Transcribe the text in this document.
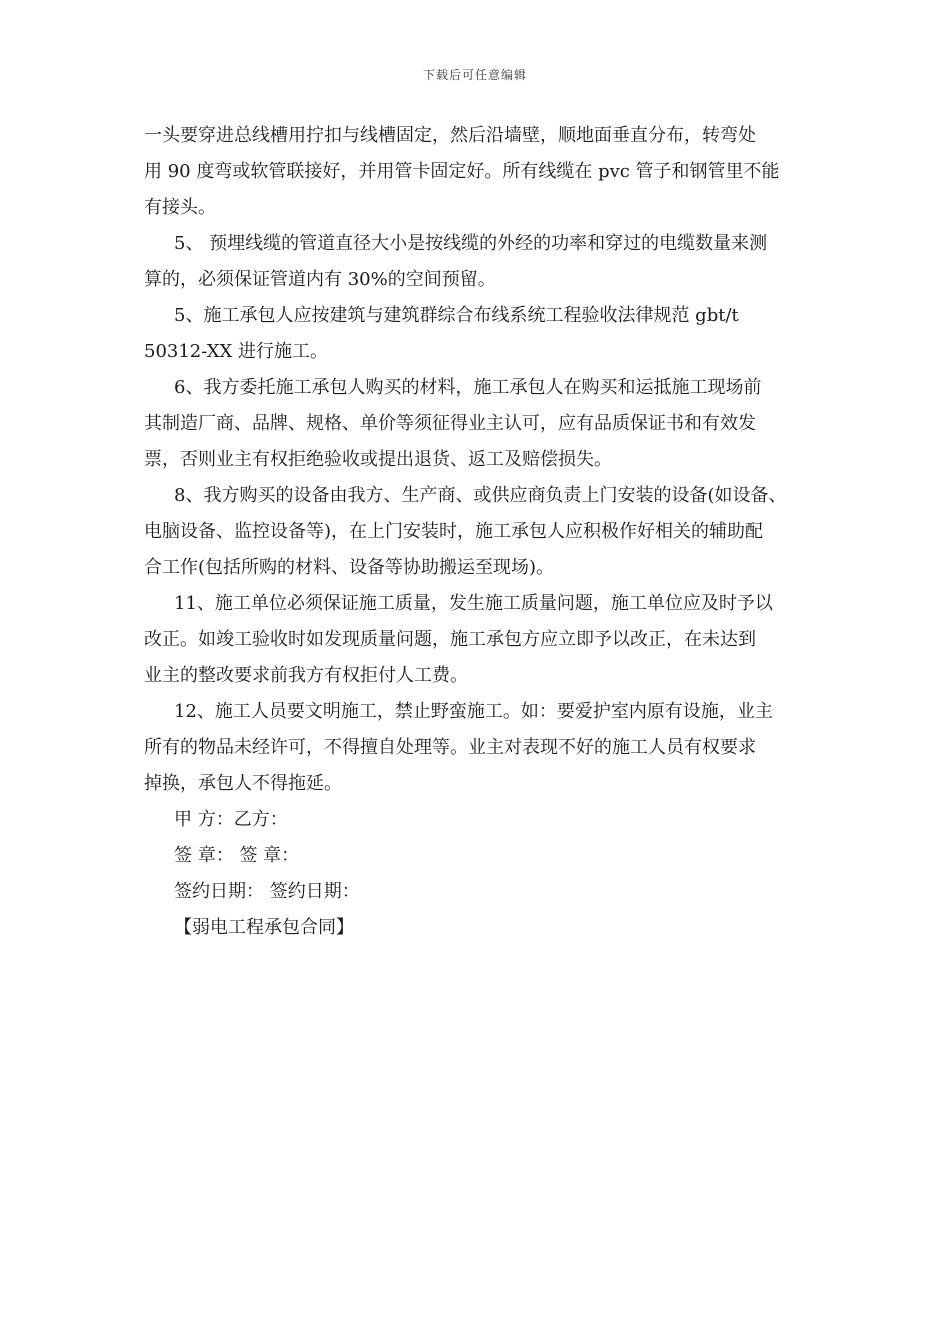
下载后可任意编辑
一头要穿进总线槽用拧扣与线槽固定，然后沿墙壁，顺地面垂直分布，转弯处
用 90 度弯或软管联接好，并用管卡固定好。所有线缆在 pvc 管子和钢管里不能
有接头。
5、 预埋线缆的管道直径大小是按线缆的外经的功率和穿过的电缆数量来测
算的，必须保证管道内有 30%的空间预留。
5、施工承包人应按建筑与建筑群综合布线系统工程验收法律规范 gbt/t
50312-XX 进行施工。
6、我方委托施工承包人购买的材料，施工承包人在购买和运抵施工现场前
其制造厂商、品牌、规格、单价等须征得业主认可，应有品质保证书和有效发
票，否则业主有权拒绝验收或提出退货、返工及赔偿损失。
8、我方购买的设备由我方、生产商、或供应商负责上门安装的设备(如设备、
电脑设备、监控设备等)，在上门安装时，施工承包人应积极作好相关的辅助配
合工作(包括所购的材料、设备等协助搬运至现场)。
11、施工单位必须保证施工质量，发生施工质量问题，施工单位应及时予以
改正。如竣工验收时如发现质量问题，施工承包方应立即予以改正，在未达到
业主的整改要求前我方有权拒付人工费。
12、施工人员要文明施工，禁止野蛮施工。如：要爱护室内原有设施，业主
所有的物品未经许可，不得擅自处理等。业主对表现不好的施工人员有权要求
掉换，承包人不得拖延。
甲 方：乙方：
签 章： 签 章：
签约日期： 签约日期：
【弱电工程承包合同】
